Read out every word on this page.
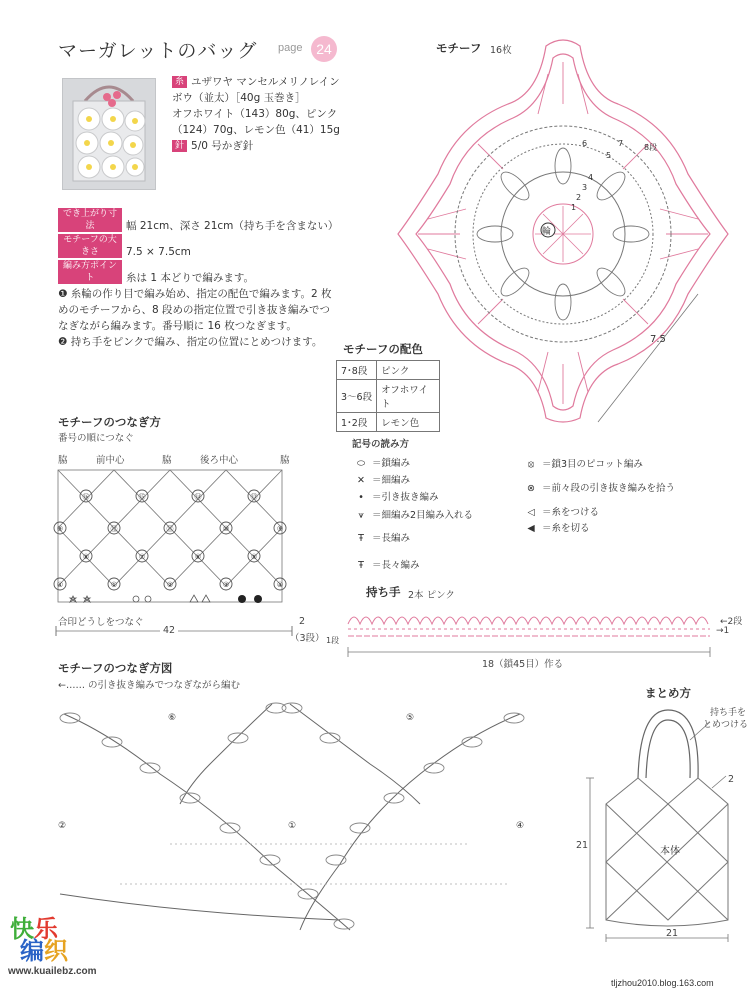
マーガレットのバッグ page 24
糸 ユザワヤ マンセルメリノレイン
ボウ（並太）［40g 玉巻き］
オフホワイト（143）80g、ピンク
（124）70g、レモン色（41）15g
針 5/0 号かぎ針
でき上がり寸法	幅 21cm、深さ 21cm（持ち手を含まない）
モチーフの大きさ	7.5 × 7.5cm
編み方ポイント	糸は 1 本どりで編みます。
❶ 糸輪の作り目で編み始め、指定の配色で編みます。2 枚
めのモチーフから、8 段めの指定位置で引き抜き編みでつ
なぎながら編みます。番号順に 16 枚つなぎます。
❷ 持ち手をピンクで編み、指定の位置にとめつけます。
モチーフ 16枚
輪
1
2
3
4
5
6	7	8段
7.5
モチーフの配色
7･8段	ピンク
3〜6段	オフホワイト
1･2段	レモン色
モチーフのつなぎ方
番号の順につなぐ
脇	前中心	脇	後ろ中心	脇
⑯	⑮	⑭	⑬
⑨	⑫	⑪	⑩	⑨
⑧	⑦	⑥	⑤
④	①	②	③	④
合印どうしをつなぐ
42
記号の読み方
⬭ ＝鎖編み
✕ ＝細編み
• ＝引き抜き編み
⩛ ＝細編み2目編み入れる
Ŧ ＝長編み
Ŧ ＝長々編み
⦻ ＝鎖3目のピコット編み
⊗ ＝前々段の引き抜き編みを拾う
◁ ＝糸をつける
◀ ＝糸を切る
持ち手 2本 ピンク
2
（3段） 1段
←2段
→1
18（鎖45目）作る
モチーフのつなぎ方図
←…… の引き抜き編みでつなぎながら編む
⑥	⑤
②	①	④
まとめ方
持ち手を
とめつける
2
21
21
本体
快乐
编织
www.kuailebz.com
tljzhou2010.blog.163.com
